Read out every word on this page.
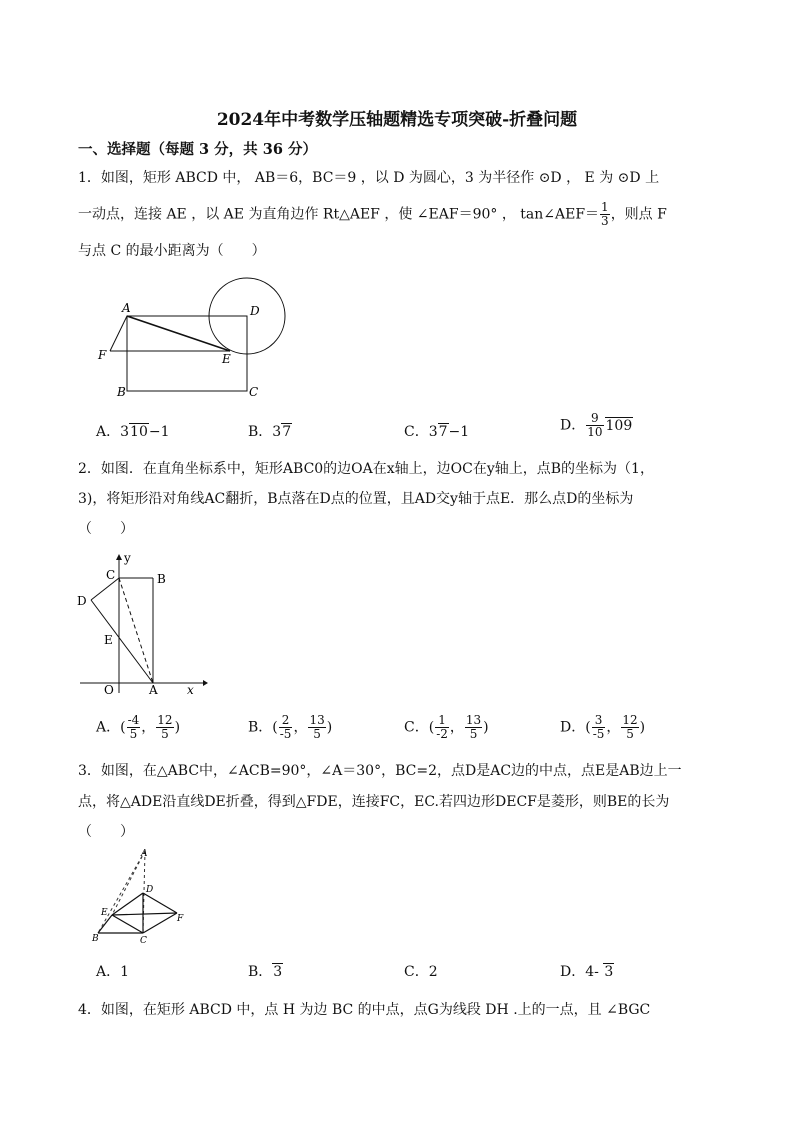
2024年中考数学压轴题精选专项突破-折叠问题
一、选择题（每题 3 分，共 36 分）
1．如图，矩形 ABCD 中， AB＝6，BC＝9 ，以 D 为圆心，3 为半径作 ⊙D ， E 为 ⊙D 上
一动点，连接 AE ，以 AE 为直角边作 Rt△AEF ，使 ∠EAF＝90° ， tan∠AEF＝ $\frac{1}{3}$ ，则点 F
与点 C 的最小距离为（　　）
A	D
F	E
B	C
A．310−1	B．37	C．37−1	D． $\frac{9}{10} 109$
2．如图．在直角坐标系中，矩形ABC0的边OA在x轴上，边OC在y轴上，点B的坐标为（1，
3)，将矩形沿对角线AC翻折，B点落在D点的位置，且AD交y轴于点E．那么点D的坐标为
（　　）
y
C	B
D
E
O	A x
A．( $\frac{-4}{5}$ ， $\frac{12}{5}$ )	B．( $\frac{2}{-5}$ ， $\frac{13}{5}$ )	C．( $\frac{1}{-2}$ ， $\frac{13}{5}$ )	D．( $\frac{3}{-5}$ ， $\frac{12}{5}$ )
3．如图，在△ABC中，∠ACB=90°，∠A＝30°，BC=2，点D是AC边的中点，点E是AB边上一
点，将△ADE沿直线DE折叠，得到△FDE，连接FC，EC.若四边形DECF是菱形，则BE的长为
（　　）
A
D
E
F
B	C
A．1	B．3	C．2	D．4- 3
4．如图，在矩形 ABCD 中，点 H 为边 BC 的中点，点G为线段 DH .上的一点，且 ∠BGC
